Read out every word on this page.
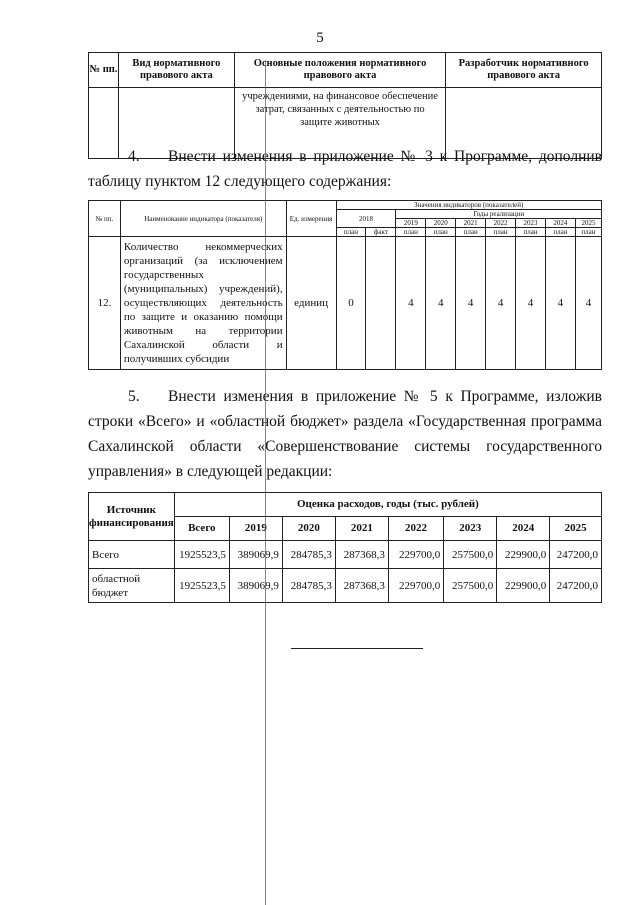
5
№ пп.	Вид нормативного правового акта	Основные положения нормативного правового акта	Разработчик нормативного правового акта
		учреждениями, на финансовое обеспечение затрат, связанных с деятельностью по защите животных	
4. Внести изменения в приложение № 3 к Программе, дополнив таблицу пунктом 12 следующего содержания:
№ пп.	Наименование индикатора (показателя)	Ед. измерения	Значения индикаторов (показателей)								
			2018		Годы реализации						
					2019	2020	2021	2022	2023	2024	2025
			план	факт	план	план	план	план	план	план	план
12.	Количество некоммерческих организаций (за исключением государственных (муниципальных) учреждений), осуществляющих деятельность по защите и оказанию помощи животным на территории Сахалинской области и получивших субсидии	единиц	0		4	4	4	4	4	4	4
5. Внести изменения в приложение № 5 к Программе, изложив строки «Всего» и «областной бюджет» раздела «Государственная программа Сахалинской области «Совершенствование системы государственного управления» в следующей редакции:
Источник финансирования	Оценка расходов, годы (тыс. рублей)							
	Всего	2019	2020	2021	2022	2023	2024	2025
Всего	1925523,5	389069,9	284785,3	287368,3	229700,0	257500,0	229900,0	247200,0
областной бюджет	1925523,5	389069,9	284785,3	287368,3	229700,0	257500,0	229900,0	247200,0
